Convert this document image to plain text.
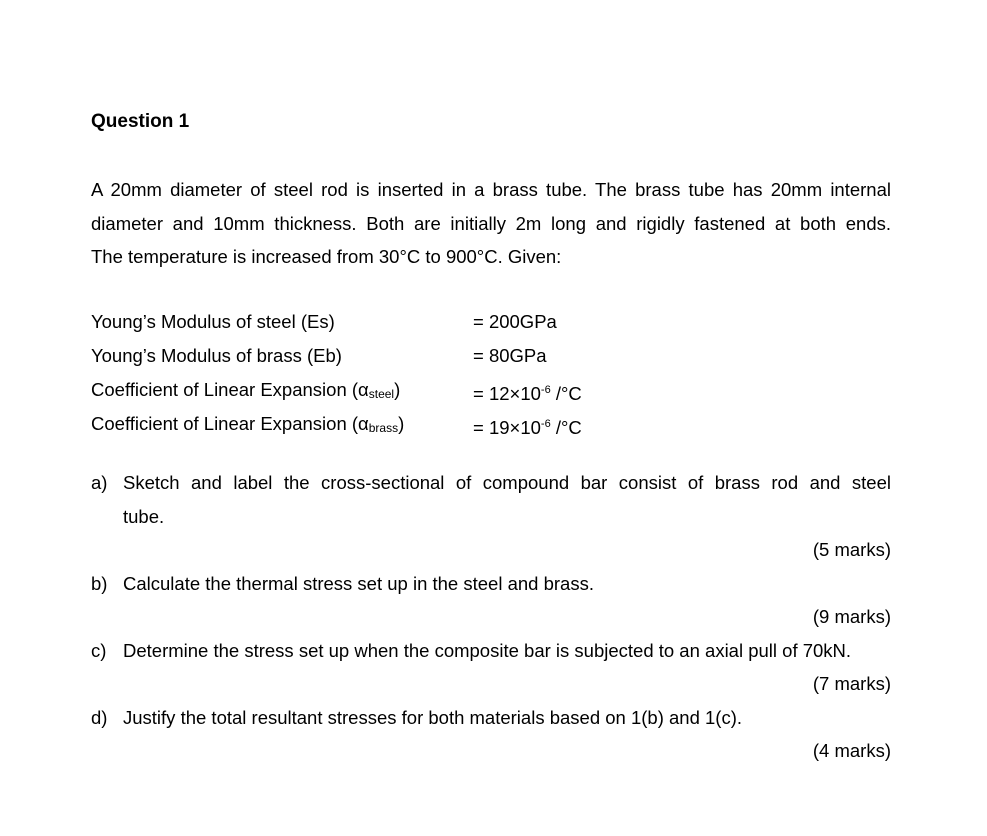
Question 1
A 20mm diameter of steel rod is inserted in a brass tube. The brass tube has 20mm internal
diameter and 10mm thickness. Both are initially 2m long and rigidly fastened at both ends.
The temperature is increased from 30°C to 900°C. Given:
Young’s Modulus of steel (Es)	= 200GPa
Young’s Modulus of brass (Eb)	= 80GPa
Coefficient of Linear Expansion (αsteel)	= $12\times 10^{-6}$ /°C
Coefficient of Linear Expansion (αbrass)	= $19\times 10^{-6}$ /°C
a) Sketch and label the cross-sectional of compound bar consist of brass rod and steel
tube.
(5 marks)
b) Calculate the thermal stress set up in the steel and brass.
(9 marks)
c) Determine the stress set up when the composite bar is subjected to an axial pull of 70kN.
(7 marks)
d) Justify the total resultant stresses for both materials based on 1(b) and 1(c).
(4 marks)
